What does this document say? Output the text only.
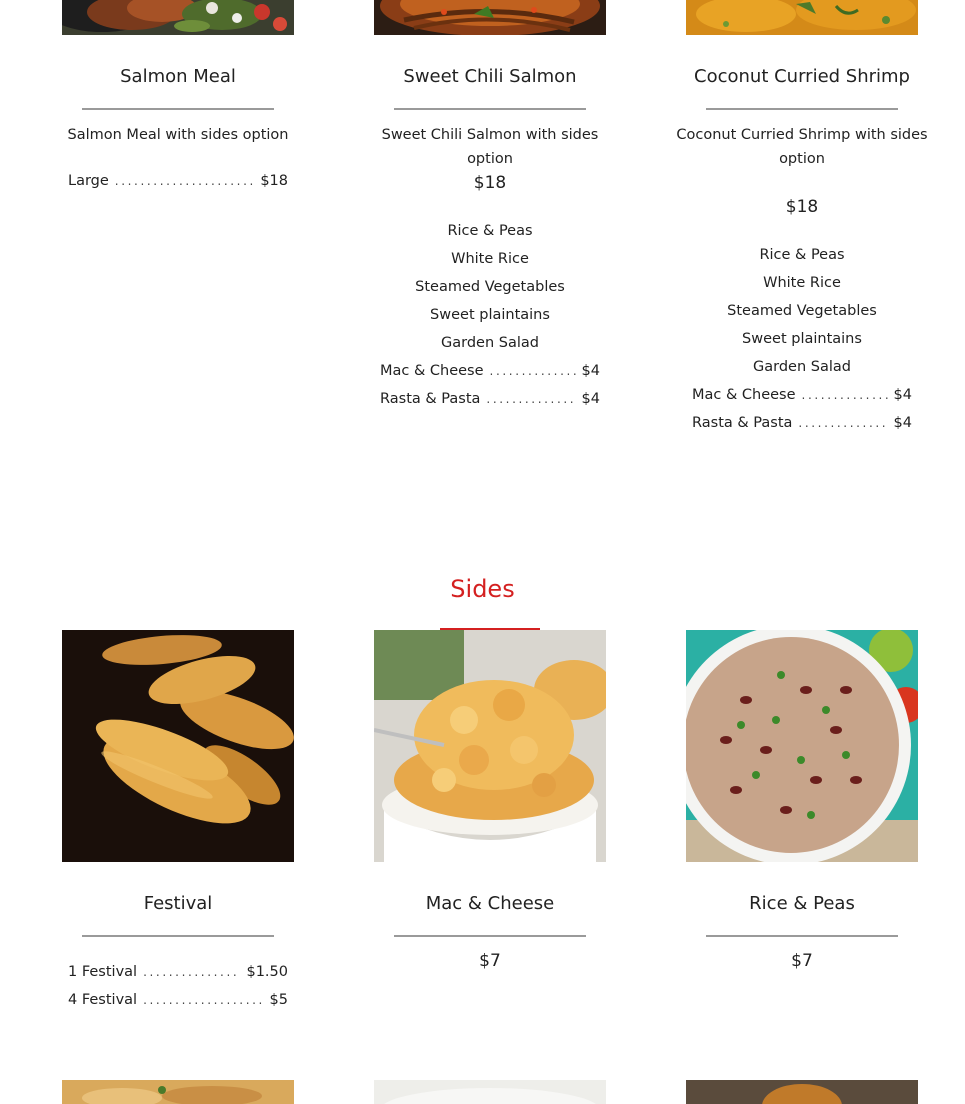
Salmon Meal
Salmon Meal with sides option
Large .....	$18
Sweet Chili Salmon
Sweet Chili Salmon with sides option
$18
Rice & Peas
White Rice
Steamed Vegetables
Sweet plaintains
Garden Salad
Mac & Cheese .....	$4
Rasta & Pasta .....	$4
Coconut Curried Shrimp
Coconut Curried Shrimp with sides option
$18
Rice & Peas
White Rice
Steamed Vegetables
Sweet plaintains
Garden Salad
Mac & Cheese .....	$4
Rasta & Pasta .....	$4
Sides
Festival
1 Festival .....	$1.50
4 Festival .....	$5
Mac & Cheese
$7
Rice & Peas
$7
